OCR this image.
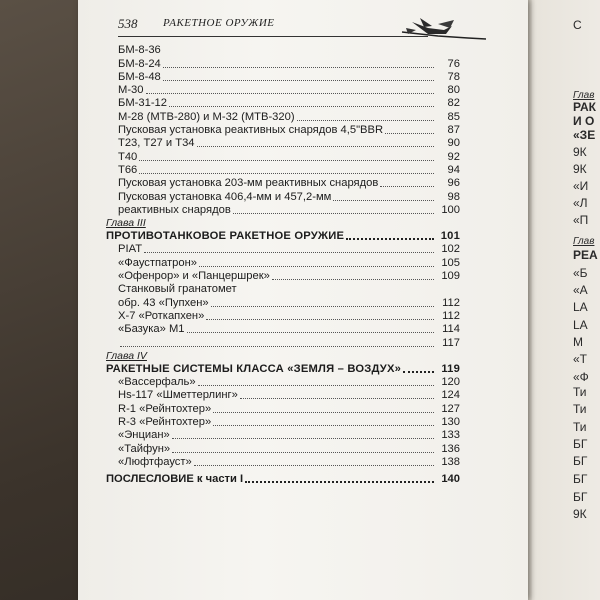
С
Глав
РАК
И О
«ЗЕ
9К
9К
«И
«Л
«П
Глав
РЕА
«Б
«А
LA
LA
M
«Т
«Ф
Ти
Ти
Ти
БГ
БГ
БГ
БГ
9К
538 РАКЕТНОЕ ОРУЖИЕ
БМ-8-36
БМ-8-24	76
БМ-8-48	78
М-30	80
БМ-31-12	82
М-28 (МТВ-280) и М-32 (МТВ-320)	85
Пусковая установка реактивных снарядов 4,5"BBR	87
Т23, Т27 и Т34	90
Т40	92
Т66	94
Пусковая установка 203-мм реактивных снарядов	96
Пусковая установка 406,4-мм и 457,2-мм	98
реактивных снарядов	100
Глава III
ПРОТИВОТАНКОВОЕ РАКЕТНОЕ ОРУЖИЕ	101
PIAT	102
«Фаустпатрон»	105
«Офенрор» и «Панцершрек»	109
Станковый гранатомет
обр. 43 «Пупхен»	112
Х-7 «Роткапхен»	112
«Базука» М1	114
117
Глава IV
РАКЕТНЫЕ СИСТЕМЫ КЛАССА «ЗЕМЛЯ – ВОЗДУХ»	119
«Вассерфаль»	120
Hs-117 «Шметтерлинг»	124
R-1 «Рейнтохтер»	127
R-3 «Рейнтохтер»	130
«Энциан»	133
«Тайфун»	136
«Люфтфауст»	138
ПОСЛЕСЛОВИЕ к части I	140
